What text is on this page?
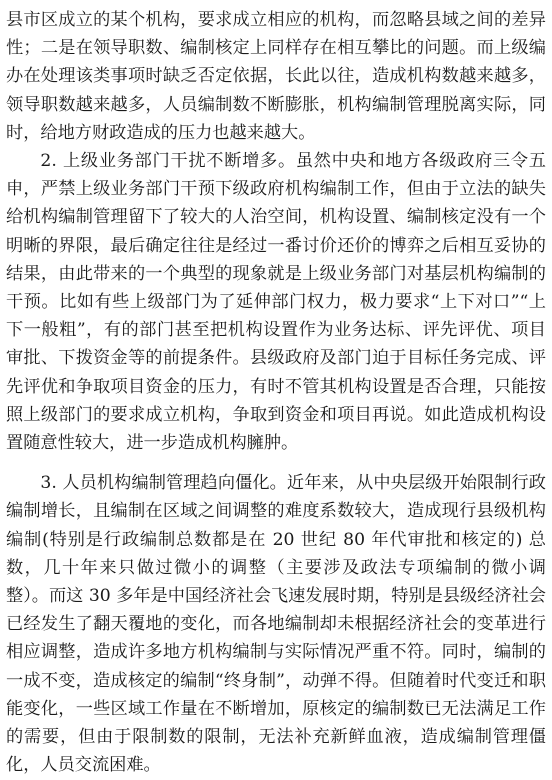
县市区成立的某个机构，要求成立相应的机构，而忽略县域之间的差异性；二是在领导职数、编制核定上同样存在相互攀比的问题。而上级编办在处理该类事项时缺乏否定依据，长此以往，造成机构数越来越多，领导职数越来越多，人员编制数不断膨胀，机构编制管理脱离实际，同时，给地方财政造成的压力也越来越大。

2. 上级业务部门干扰不断增多。虽然中央和地方各级政府三令五申，严禁上级业务部门干预下级政府机构编制工作，但由于立法的缺失给机构编制管理留下了较大的人治空间，机构设置、编制核定没有一个明晰的界限，最后确定往往是经过一番讨价还价的博弈之后相互妥协的结果，由此带来的一个典型的现象就是上级业务部门对基层机构编制的干预。比如有些上级部门为了延伸部门权力，极力要求“上下对口”“上下一般粗”，有的部门甚至把机构设置作为业务达标、评先评优、项目审批、下拨资金等的前提条件。县级政府及部门迫于目标任务完成、评先评优和争取项目资金的压力，有时不管其机构设置是否合理，只能按照上级部门的要求成立机构，争取到资金和项目再说。如此造成机构设置随意性较大，进一步造成机构臃肿。

3. 人员机构编制管理趋向僵化。近年来，从中央层级开始限制行政编制增长，且编制在区域之间调整的难度系数较大，造成现行县级机构编制(特别是行政编制总数都是在 20 世纪 80 年代审批和核定的) 总数，几十年来只做过微小的调整（主要涉及政法专项编制的微小调整）。而这 30 多年是中国经济社会飞速发展时期，特别是县级经济社会已经发生了翻天覆地的变化，而各地编制却未根据经济社会的变革进行相应调整，造成许多地方机构编制与实际情况严重不符。同时，编制的一成不变，造成核定的编制“终身制”，动弹不得。但随着时代变迁和职能变化，一些区域工作量在不断增加，原核定的编制数已无法满足工作的需要，但由于限制数的限制，无法补充新鲜血液，造成编制管理僵化，人员交流困难。
